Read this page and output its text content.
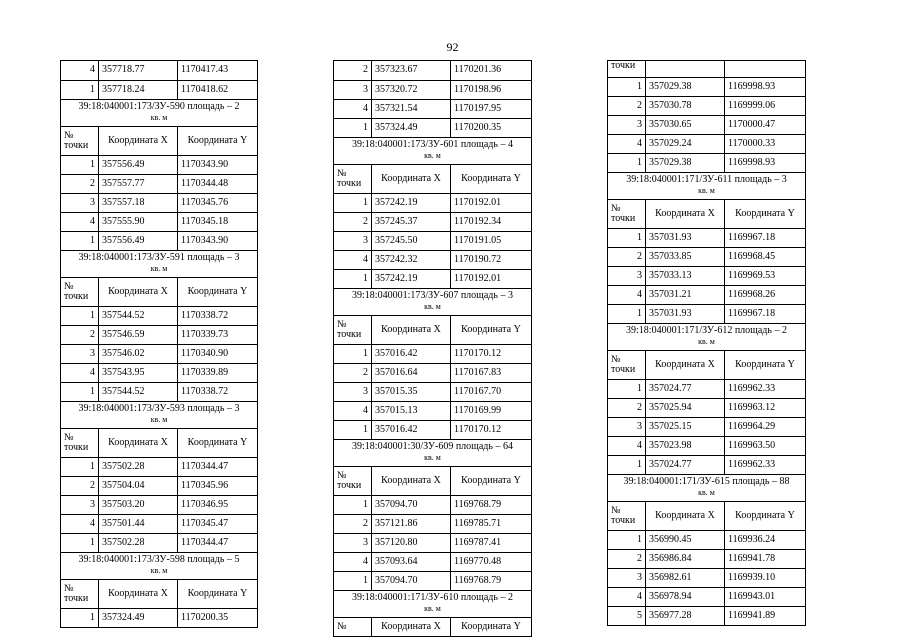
92
4 357718.77	1170417.43
1 357718.24	1170418.62
39:18:040001:173/ЗУ-590 площадь – 2
кв. м
№ точки	Координата X	Координата Y
1 357556.49	1170343.90
2 357557.77	1170344.48
3 357557.18	1170345.76
4 357555.90	1170345.18
1 357556.49	1170343.90
39:18:040001:173/ЗУ-591 площадь – 3
кв. м
№ точки	Координата X	Координата Y
1 357544.52	1170338.72
2 357546.59	1170339.73
3 357546.02	1170340.90
4 357543.95	1170339.89
1 357544.52	1170338.72
39:18:040001:173/ЗУ-593 площадь – 3
кв. м
№ точки	Координата X	Координата Y
1 357502.28	1170344.47
2 357504.04	1170345.96
3 357503.20	1170346.95
4 357501.44	1170345.47
1 357502.28	1170344.47
39:18:040001:173/ЗУ-598 площадь – 5
кв. м
№ точки	Координата X	Координата Y
1 357324.49	1170200.35
2 357323.67	1170201.36
3 357320.72	1170198.96
4 357321.54	1170197.95
1 357324.49	1170200.35
39:18:040001:173/ЗУ-601 площадь – 4
кв. м
№ точки	Координата X	Координата Y
1 357242.19	1170192.01
2 357245.37	1170192.34
3 357245.50	1170191.05
4 357242.32	1170190.72
1 357242.19	1170192.01
39:18:040001:173/ЗУ-607 площадь – 3
кв. м
№ точки	Координата X	Координата Y
1 357016.42	1170170.12
2 357016.64	1170167.83
3 357015.35	1170167.70
4 357015.13	1170169.99
1 357016.42	1170170.12
39:18:040001:30/ЗУ-609 площадь – 64
кв. м
№ точки	Координата X	Координата Y
1 357094.70	1169768.79
2 357121.86	1169785.71
3 357120.80	1169787.41
4 357093.64	1169770.48
1 357094.70	1169768.79
39:18:040001:171/ЗУ-610 площадь – 2
кв. м
№	Координата X	Координата Y
точки
1 357029.38	1169998.93
2 357030.78	1169999.06
3 357030.65	1170000.47
4 357029.24	1170000.33
1 357029.38	1169998.93
39:18:040001:171/ЗУ-611 площадь – 3
кв. м
№ точки	Координата X	Координата Y
1 357031.93	1169967.18
2 357033.85	1169968.45
3 357033.13	1169969.53
4 357031.21	1169968.26
1 357031.93	1169967.18
39:18:040001:171/ЗУ-612 площадь – 2
кв. м
№ точки	Координата X	Координата Y
1 357024.77	1169962.33
2 357025.94	1169963.12
3 357025.15	1169964.29
4 357023.98	1169963.50
1 357024.77	1169962.33
39:18:040001:171/ЗУ-615 площадь – 88
кв. м
№ точки	Координата X	Координата Y
1 356990.45	1169936.24
2 356986.84	1169941.78
3 356982.61	1169939.10
4 356978.94	1169943.01
5 356977.28	1169941.89
